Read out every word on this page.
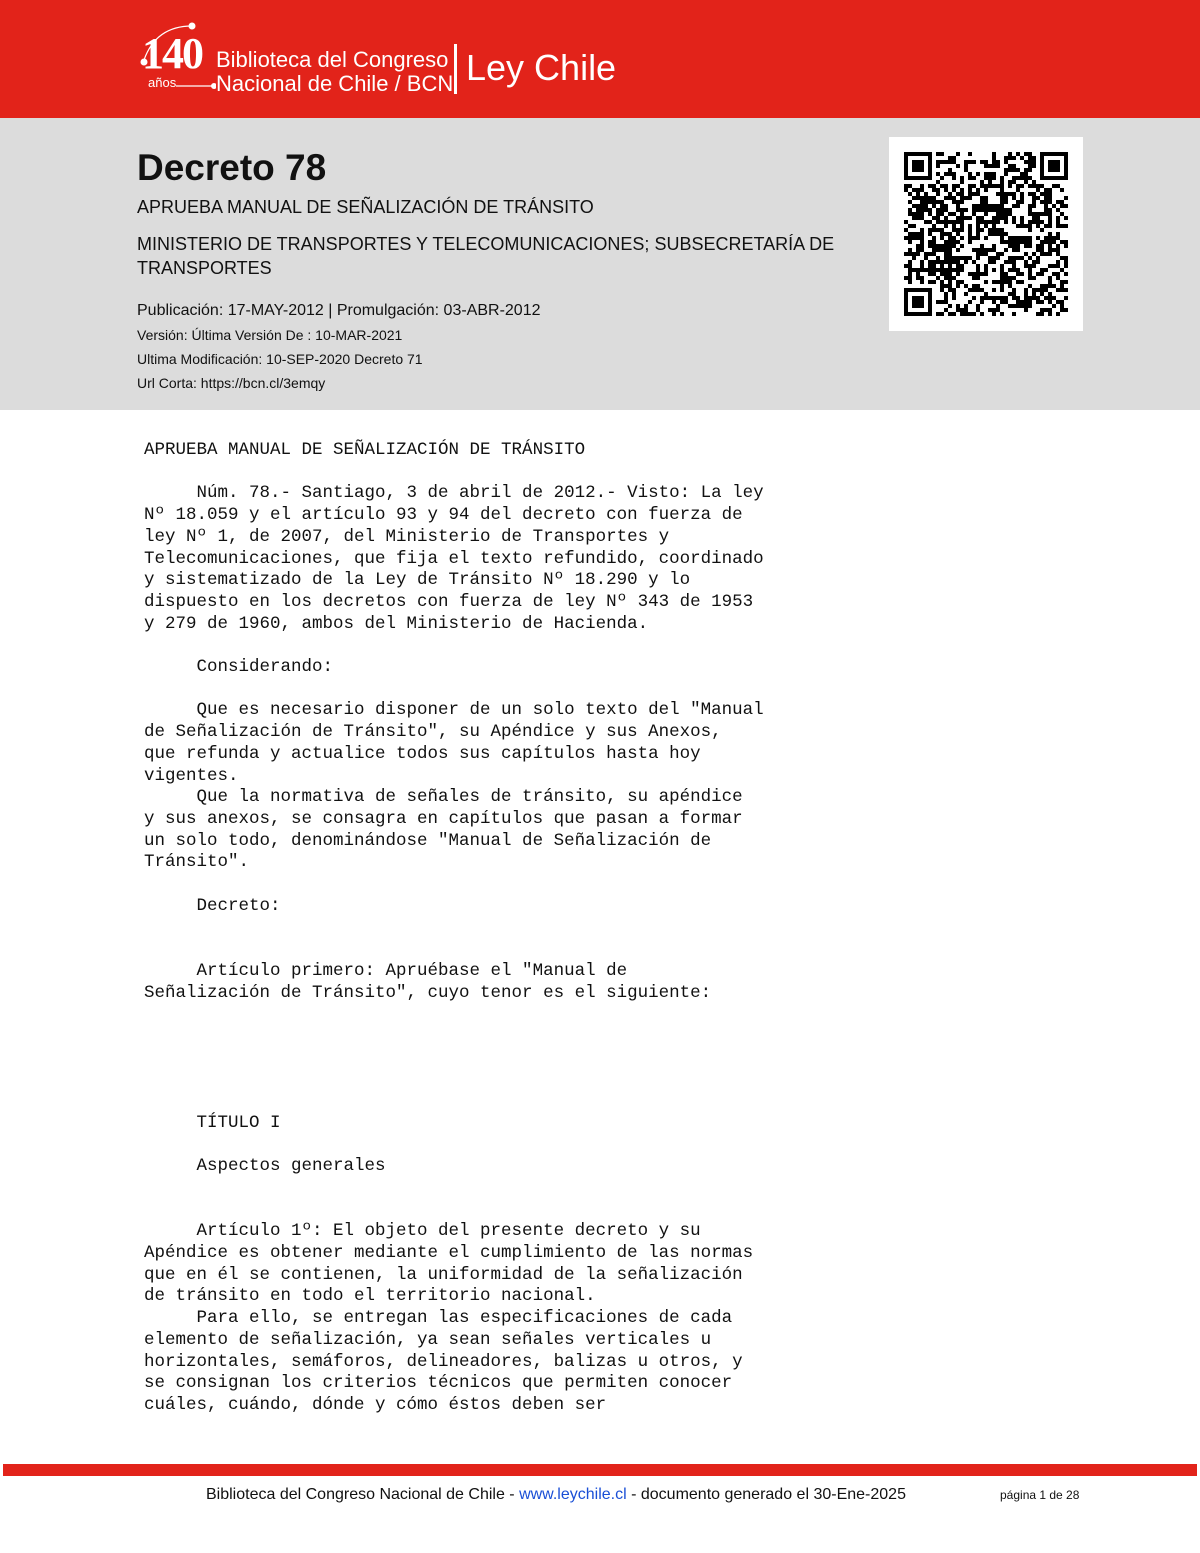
140
años
Biblioteca del Congreso
Nacional de Chile / BCN Ley Chile
Decreto 78
APRUEBA MANUAL DE SEÑALIZACIÓN DE TRÁNSITO
MINISTERIO DE TRANSPORTES Y TELECOMUNICACIONES; SUBSECRETARÍA DE TRANSPORTES
Publicación: 17-MAY-2012 | Promulgación: 03-ABR-2012
Versión: Última Versión De : 10-MAR-2021
Ultima Modificación: 10-SEP-2020 Decreto 71
Url Corta: https://bcn.cl/3emqy
APRUEBA MANUAL DE SEÑALIZACIÓN DE TRÁNSITO

Núm. 78.- Santiago, 3 de abril de 2012.- Visto: La ley
Nº 18.059 y el artículo 93 y 94 del decreto con fuerza de
ley Nº 1, de 2007, del Ministerio de Transportes y
Telecomunicaciones, que fija el texto refundido, coordinado
y sistematizado de la Ley de Tránsito Nº 18.290 y lo
dispuesto en los decretos con fuerza de ley Nº 343 de 1953
y 279 de 1960, ambos del Ministerio de Hacienda.

Considerando:

Que es necesario disponer de un solo texto del "Manual
de Señalización de Tránsito", su Apéndice y sus Anexos,
que refunda y actualice todos sus capítulos hasta hoy
vigentes.
Que la normativa de señales de tránsito, su apéndice
y sus anexos, se consagra en capítulos que pasan a formar
un solo todo, denominándose "Manual de Señalización de
Tránsito".

Decreto:

Artículo primero: Apruébase el "Manual de
Señalización de Tránsito", cuyo tenor es el siguiente:

TÍTULO I

Aspectos generales

Artículo 1º: El objeto del presente decreto y su
Apéndice es obtener mediante el cumplimiento de las normas
que en él se contienen, la uniformidad de la señalización
de tránsito en todo el territorio nacional.
Para ello, se entregan las especificaciones de cada
elemento de señalización, ya sean señales verticales u
horizontales, semáforos, delineadores, balizas u otros, y
se consignan los criterios técnicos que permiten conocer
cuáles, cuándo, dónde y cómo éstos deben ser
Biblioteca del Congreso Nacional de Chile - www.leychile.cl - documento generado el 30-Ene-2025	página 1 de 28
